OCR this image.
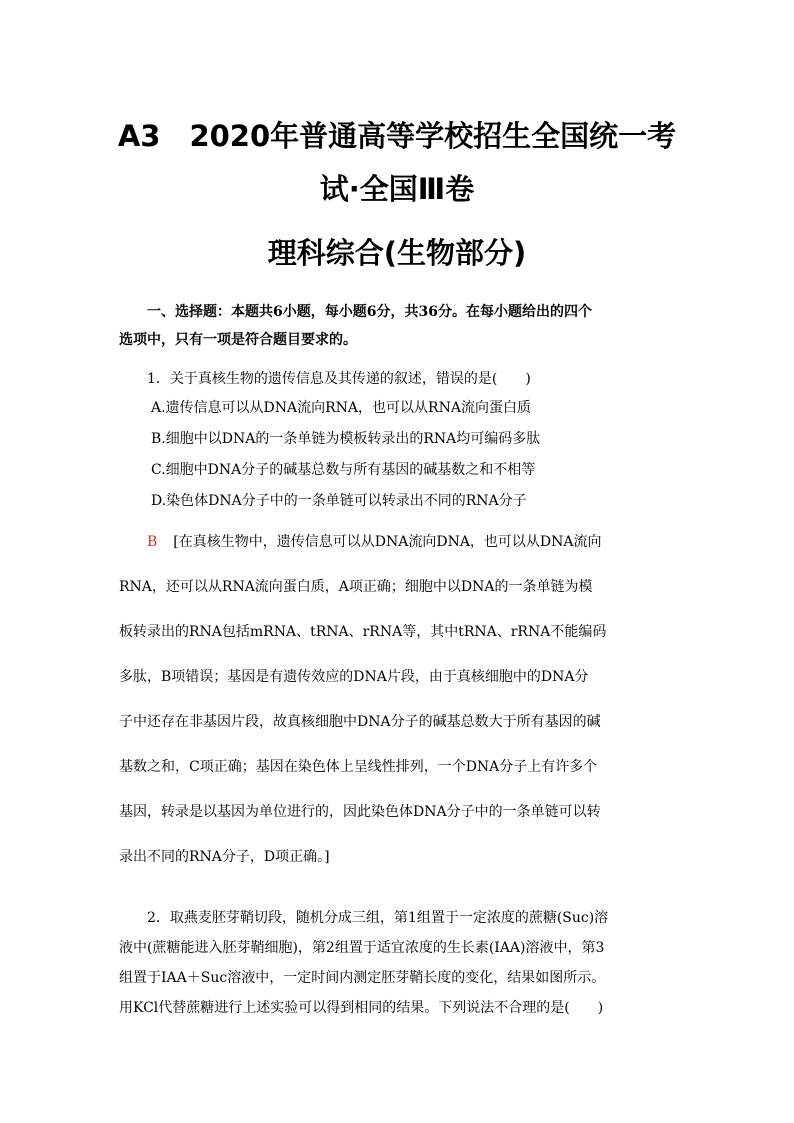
A3　2020年普通高等学校招生全国统一考
试·全国Ⅲ卷
理科综合(生物部分)
一、选择题：本题共6小题，每小题6分，共36分。在每小题给出的四个
选项中，只有一项是符合题目要求的。
1．关于真核生物的遗传信息及其传递的叙述，错误的是(　　)
A.遗传信息可以从DNA流向RNA，也可以从RNA流向蛋白质
B.细胞中以DNA的一条单链为模板转录出的RNA均可编码多肽
C.细胞中DNA分子的碱基总数与所有基因的碱基数之和不相等
D.染色体DNA分子中的一条单链可以转录出不同的RNA分子
B [在真核生物中，遗传信息可以从DNA流向DNA，也可以从DNA流向
RNA，还可以从RNA流向蛋白质，A项正确；细胞中以DNA的一条单链为模
板转录出的RNA包括mRNA、tRNA、rRNA等，其中tRNA、rRNA不能编码
多肽，B项错误；基因是有遗传效应的DNA片段，由于真核细胞中的DNA分
子中还存在非基因片段，故真核细胞中DNA分子的碱基总数大于所有基因的碱
基数之和，C项正确；基因在染色体上呈线性排列，一个DNA分子上有许多个
基因，转录是以基因为单位进行的，因此染色体DNA分子中的一条单链可以转
录出不同的RNA分子，D项正确。]
2．取燕麦胚芽鞘切段，随机分成三组，第1组置于一定浓度的蔗糖(Suc)溶
液中(蔗糖能进入胚芽鞘细胞)，第2组置于适宜浓度的生长素(IAA)溶液中，第3
组置于IAA＋Suc溶液中，一定时间内测定胚芽鞘长度的变化，结果如图所示。
用KCl代替蔗糖进行上述实验可以得到相同的结果。下列说法不合理的是(　　)
